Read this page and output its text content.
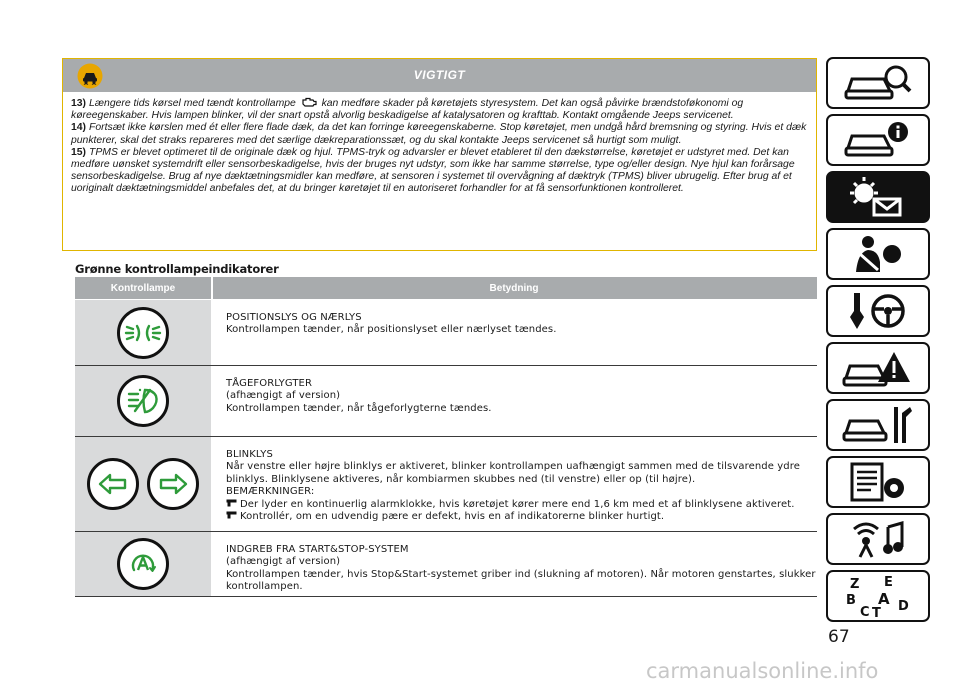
VIGTIGT

13) Længere tids kørsel med tændt kontrollampe kan medføre skader på køretøjets styresystem. Det kan også påvirke brændstoføkonomi og køreegenskaber. Hvis lampen blinker, vil der snart opstå alvorlig beskadigelse af katalysatoren og krafttab. Kontakt omgående Jeeps servicenet.

14) Fortsæt ikke kørslen med ét eller flere flade dæk, da det kan forringe køreegenskaberne. Stop køretøjet, men undgå hård bremsning og styring. Hvis et dæk punkterer, skal det straks repareres med det særlige dækreparationssæt, og du skal kontakte Jeeps servicenet så hurtigt som muligt.

15) TPMS er blevet optimeret til de originale dæk og hjul. TPMS-tryk og advarsler er blevet etableret til den dækstørrelse, køretøjet er udstyret med. Det kan medføre uønsket systemdrift eller sensorbeskadigelse, hvis der bruges nyt udstyr, som ikke har samme størrelse, type og/eller design. Nye hjul kan forårsage sensorbeskadigelse. Brug af nye dæktætningsmidler kan medføre, at sensoren i systemet til overvågning af dæktryk (TPMS) bliver ubrugelig. Efter brug af et uoriginalt dæktætningsmiddel anbefales det, at du bringer køretøjet til en autoriseret forhandler for at få sensorfunktionen kontrolleret.

Grønne kontrollampeindikatorer
Kontrollampe	Betydning
POSITIONSLYS OG NÆRLYS
Kontrollampen tænder, når positionslyset eller nærlyset tændes.
TÅGEFORLYGTER
(afhængigt af version)
Kontrollampen tænder, når tågeforlygterne tændes.
BLINKLYS
Når venstre eller højre blinklys er aktiveret, blinker kontrollampen uafhængigt sammen med de tilsvarende ydre blinklys. Blinklysene aktiveres, når kombiarmen skubbes ned (til venstre) eller op (til højre).
BEMÆRKNINGER:
Der lyder en kontinuerlig alarmklokke, hvis køretøjet kører mere end 1,6 km med et af blinklysene aktiveret.
Kontrollér, om en udvendig pære er defekt, hvis en af indikatorerne blinker hurtigt.
INDGREB FRA START&STOP-SYSTEM
(afhængigt af version)
Kontrollampen tænder, hvis Stop&Start-systemet griber ind (slukning af motoren). Når motoren genstartes, slukker kontrollampen.	Z E
B A
C T D
67
carmanualsonline.info
